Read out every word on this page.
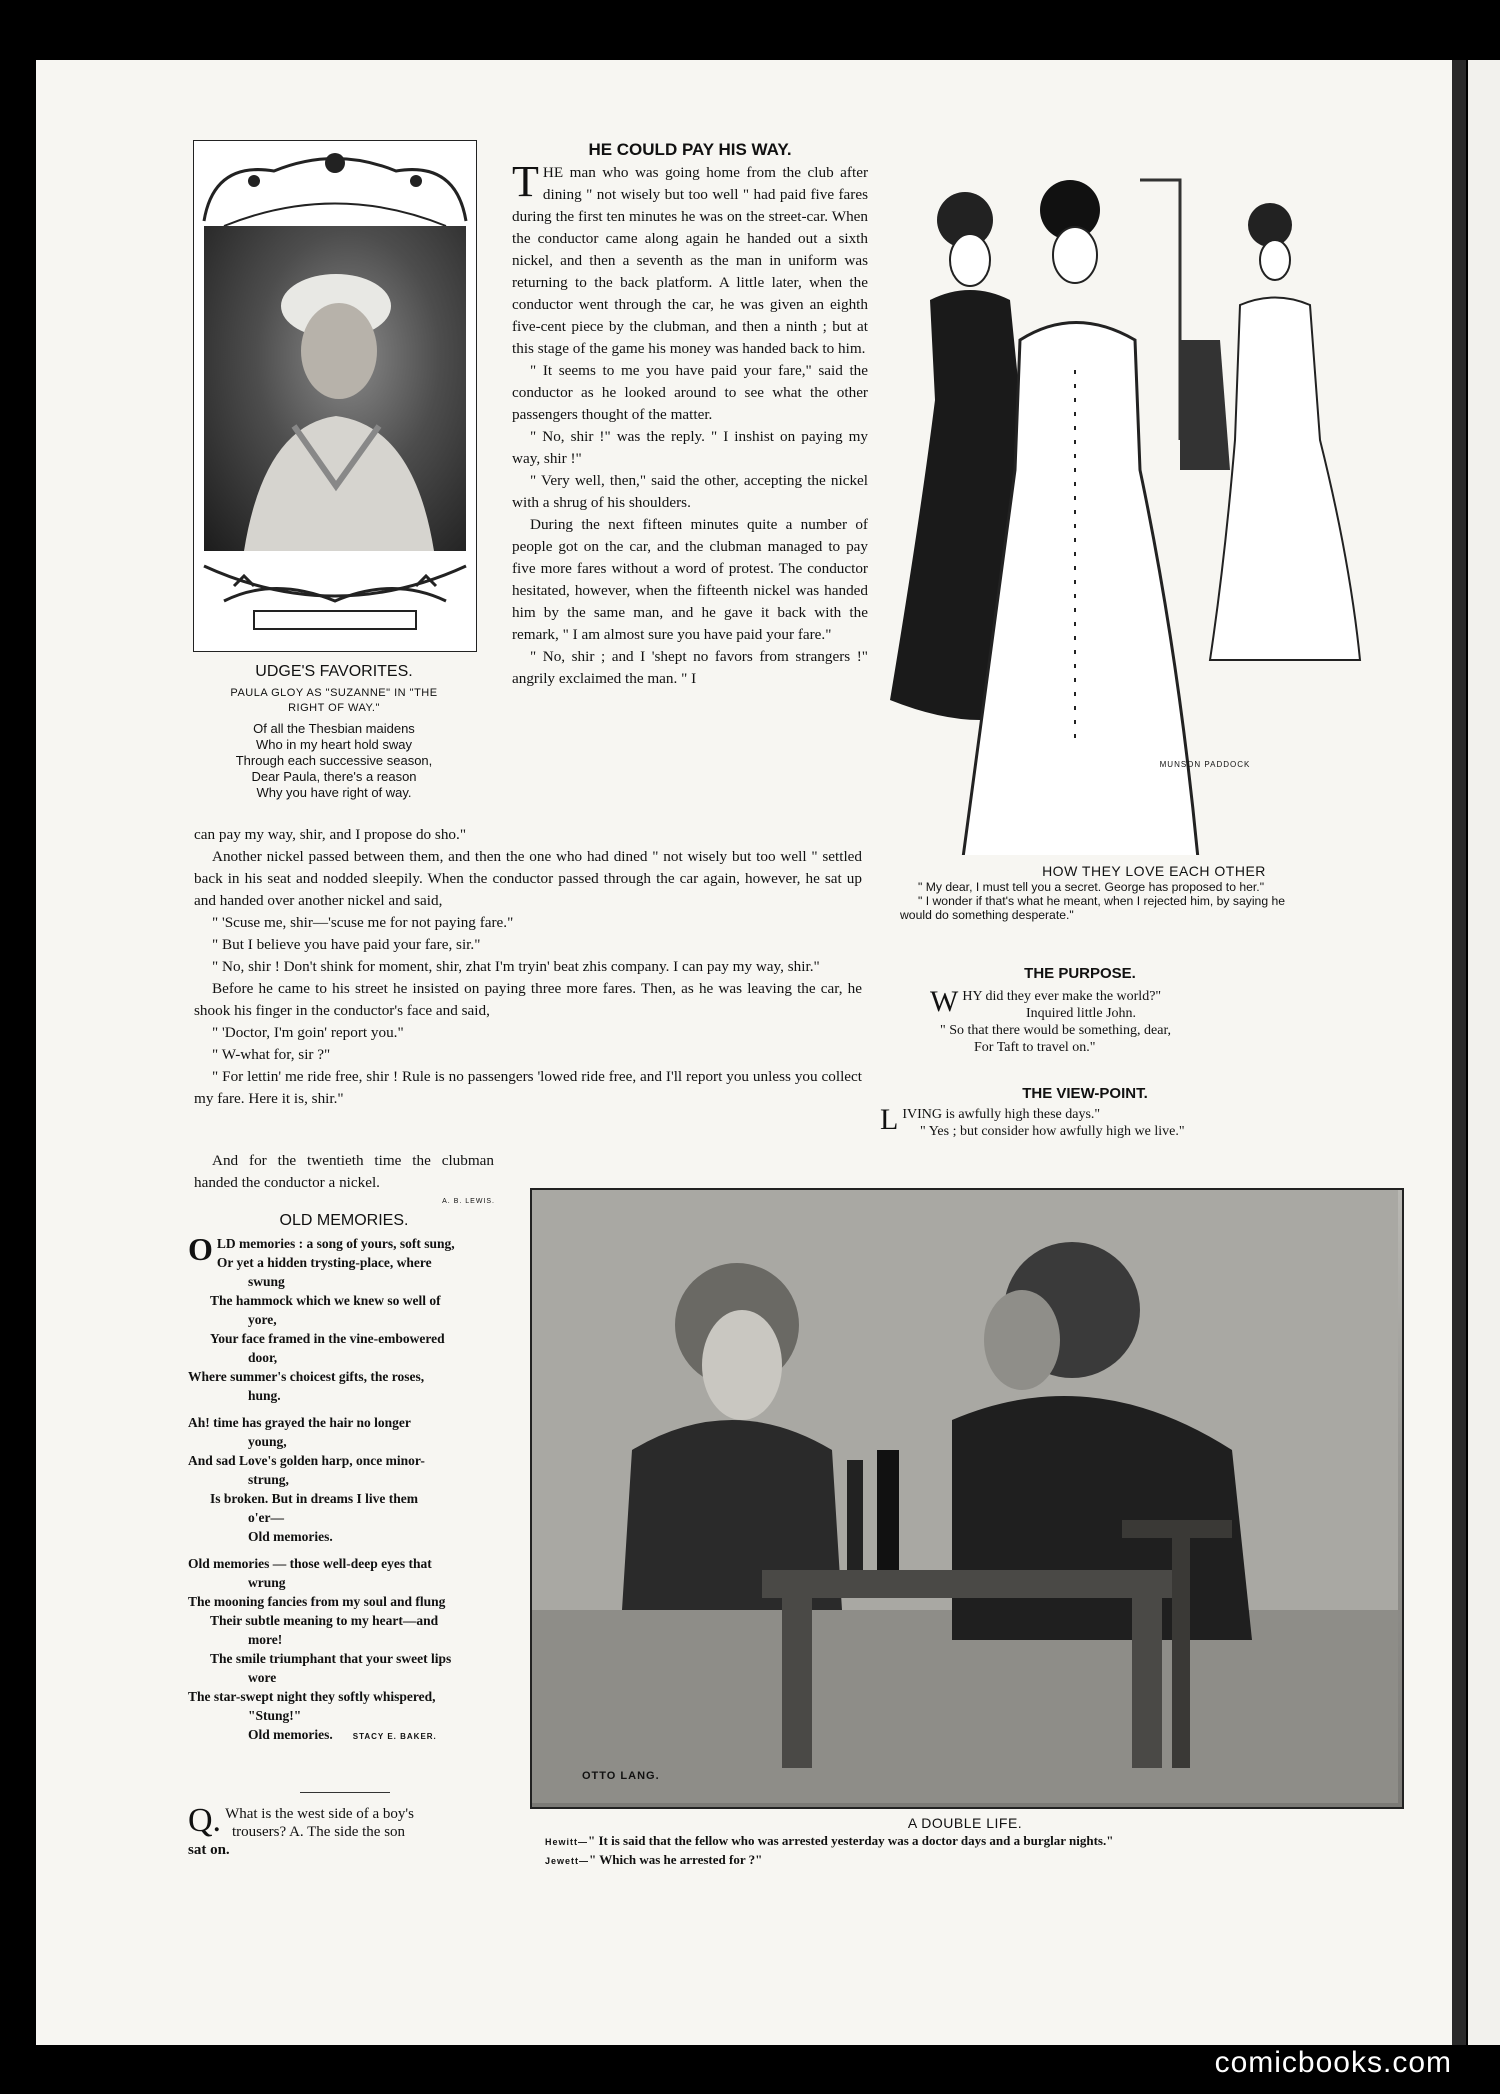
UDGE'S FAVORITES.
PAULA GLOY AS "SUZANNE" IN "THE
RIGHT OF WAY."
Of all the Thesbian maidens
Who in my heart hold sway
Through each successive season,
Dear Paula, there's a reason
Why you have right of way.
HE COULD PAY HIS WAY.

THE man who was going home from the club after dining " not wisely but too well " had paid five fares during the first ten minutes he was on the street-car. When the conductor came along again he handed out a sixth nickel, and then a seventh as the man in uniform was returning to the back platform. A little later, when the conductor went through the car, he was given an eighth five-cent piece by the clubman, and then a ninth ; but at this stage of the game his money was handed back to him.

" It seems to me you have paid your fare," said the conductor as he looked around to see what the other passengers thought of the matter.

" No, shir !" was the reply. " I inshist on paying my way, shir !"

" Very well, then," said the other, accepting the nickel with a shrug of his shoulders.

During the next fifteen minutes quite a number of people got on the car, and the clubman managed to pay five more fares without a word of protest. The conductor hesitated, however, when the fifteenth nickel was handed him by the same man, and he gave it back with the remark, " I am almost sure you have paid your fare."

" No, shir ; and I 'shept no favors from strangers !" angrily exclaimed the man. " I

can pay my way, shir, and I propose do sho."

Another nickel passed between them, and then the one who had dined " not wisely but too well " settled back in his seat and nodded sleepily. When the conductor passed through the car again, however, he sat up and handed over another nickel and said,

" 'Scuse me, shir—'scuse me for not paying fare."

" But I believe you have paid your fare, sir."

" No, shir ! Don't shink for moment, shir, zhat I'm tryin' beat zhis company. I can pay my way, shir."

Before he came to his street he insisted on paying three more fares. Then, as he was leaving the car, he shook his finger in the conductor's face and said,

" 'Doctor, I'm goin' report you."

" W-what for, sir ?"

" For lettin' me ride free, shir ! Rule is no passengers 'lowed ride free, and I'll report you unless you collect my fare. Here it is, shir."

And for the twentieth time the clubman handed the conductor a nickel.

A. B. LEWIS.
MUNSON PADDOCK
HOW THEY LOVE EACH OTHER

" My dear, I must tell you a secret. George has proposed to her."

" I wonder if that's what he meant, when I rejected him, by saying he would do something desperate."

THE PURPOSE.

WHY did they ever make the world?"

Inquired little John.

" So that there would be something, dear,

For Taft to travel on."

THE VIEW-POINT.

LIVING is awfully high these days."

" Yes ; but consider how awfully high we live."

OLD MEMORIES.

OLD memories : a song of yours, soft sung,

Or yet a hidden trysting-place, where

swung

The hammock which we knew so well of

yore,

Your face framed in the vine-embowered

door,

Where summer's choicest gifts, the roses,

hung.

Ah! time has grayed the hair no longer

young,

And sad Love's golden harp, once minor-

strung,

Is broken. But in dreams I live them

o'er—

Old memories.

Old memories — those well-deep eyes that

wrung

The mooning fancies from my soul and flung

Their subtle meaning to my heart—and

more!

The smile triumphant that your sweet lips

wore

The star-swept night they softly whispered,

"Stung!"

Old memories.	STACY E. BAKER.

Q. What is the west side of a boy's

trousers? A. The side the son

sat on.

OTTO LANG.
A DOUBLE LIFE.

Hewitt—" It is said that the fellow who was arrested yesterday was a doctor days and a burglar nights."

Jewett—" Which was he arrested for ?"

comicbooks.com
